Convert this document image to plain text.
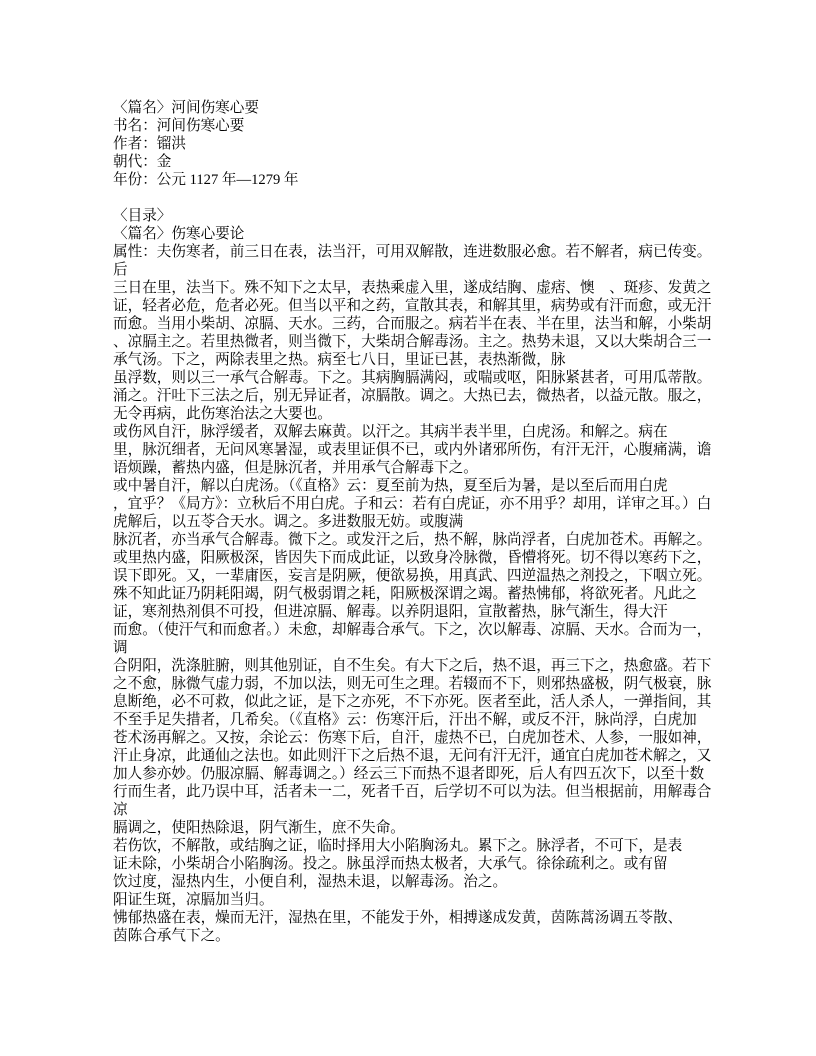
〈篇名〉河间伤寒心要
书名：河间伤寒心要
作者：镏洪
朝代：金
年份：公元 1127 年—1279 年
〈目录〉
〈篇名〉伤寒心要论
属性：夫伤寒者，前三日在表，法当汗，可用双解散，连进数服必愈。若不解者，病已传变。
后
三日在里，法当下。殊不知下之太早，表热乘虚入里，遂成结胸、虚痞、懊　、斑疹、发黄之
证，轻者必危，危者必死。但当以平和之药，宣散其表，和解其里，病势或有汗而愈，或无汗
而愈。当用小柴胡、凉膈、天水。三药，合而服之。病若半在表、半在里，法当和解，小柴胡
、凉膈主之。若里热微者，则当微下，大柴胡合解毒汤。主之。热势未退，又以大柴胡合三一
承气汤。下之，两除表里之热。病至七八日，里证已甚，表热渐微，脉
虽浮数，则以三一承气合解毒。下之。其病胸膈满闷，或喘或呕，阳脉紧甚者，可用瓜蒂散。
涌之。汗吐下三法之后，别无异证者，凉膈散。调之。大热已去，微热者，以益元散。服之，
无令再病，此伤寒治法之大要也。
或伤风自汗，脉浮缓者，双解去麻黄。以汗之。其病半表半里，白虎汤。和解之。病在
里，脉沉细者，无问风寒暑湿，或表里证俱不已，或内外诸邪所伤，有汗无汗，心腹痛满，谵
语烦躁，蓄热内盛，但是脉沉者，并用承气合解毒下之。
或中暑自汗，解以白虎汤。（《直格》云：夏至前为热，夏至后为暑，是以至后而用白虎
，宜乎？《局方》：立秋后不用白虎。子和云：若有白虎证，亦不用乎？却用，详审之耳。）白
虎解后，以五苓合天水。调之。多进数服无妨。或腹满
脉沉者，亦当承气合解毒。微下之。或发汗之后，热不解，脉尚浮者，白虎加苍术。再解之。
或里热内盛，阳厥极深，皆因失下而成此证，以致身冷脉微，昏懵将死。切不得以寒药下之，
误下即死。又，一辈庸医，妄言是阴厥，便欲易换，用真武、四逆温热之剂投之，下咽立死。
殊不知此证乃阴耗阳竭，阴气极弱谓之耗，阳厥极深谓之竭。蓄热怫郁，将欲死者。凡此之
证，寒剂热剂俱不可投，但进凉膈、解毒。以养阴退阳，宣散蓄热，脉气渐生，得大汗
而愈。（使汗气和而愈者。）未愈，却解毒合承气。下之，次以解毒、凉膈、天水。合而为一，
调
合阴阳，洗涤脏腑，则其他别证，自不生矣。有大下之后，热不退，再三下之，热愈盛。若下
之不愈，脉微气虚力弱，不加以法，则无可生之理。若辍而不下，则邪热盛极，阴气极衰，脉
息断绝，必不可救，似此之证，是下之亦死，不下亦死。医者至此，活人杀人，一弹指间，其
不至手足失措者，几希矣。（《直格》云：伤寒汗后，汗出不解，或反不汗，脉尚浮，白虎加
苍术汤再解之。又按，余论云：伤寒下后，自汗，虚热不已，白虎加苍术、人参，一服如神，
汗止身凉，此通仙之法也。如此则汗下之后热不退，无问有汗无汗，通宜白虎加苍术解之，又
加人参亦妙。仍服凉膈、解毒调之。）经云三下而热不退者即死，后人有四五次下，以至十数
行而生者，此乃误中耳，活者未一二，死者千百，后学切不可以为法。但当根据前，用解毒合
凉
膈调之，使阳热除退，阴气渐生，庶不失命。
若伤饮，不解散，或结胸之证，临时择用大小陷胸汤丸。累下之。脉浮者，不可下，是表
证未除，小柴胡合小陷胸汤。投之。脉虽浮而热太极者，大承气。徐徐疏利之。或有留
饮过度，湿热内生，小便自利，湿热未退，以解毒汤。治之。
阳证生斑，凉膈加当归。
怫郁热盛在表，燥而无汗，湿热在里，不能发于外，相搏遂成发黄，茵陈蒿汤调五苓散、
茵陈合承气下之。
